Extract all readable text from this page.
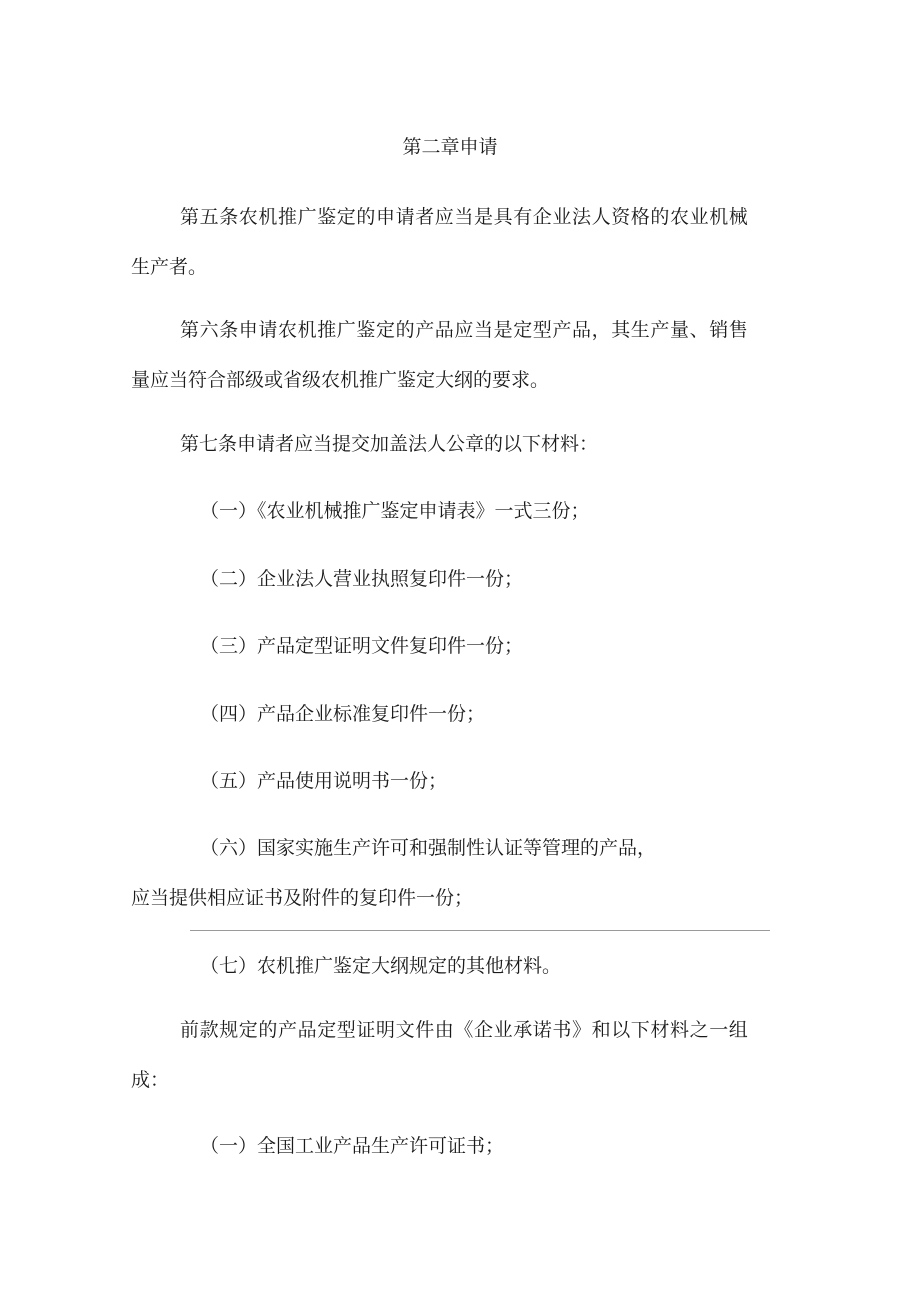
第二章申请
第五条农机推广鉴定的申请者应当是具有企业法人资格的农业机械
生产者。
第六条申请农机推广鉴定的产品应当是定型产品，其生产量、销售
量应当符合部级或省级农机推广鉴定大纲的要求。
第七条申请者应当提交加盖法人公章的以下材料：
（一）《农业机械推广鉴定申请表》一式三份；
（二）企业法人营业执照复印件一份；
（三）产品定型证明文件复印件一份；
（四）产品企业标准复印件一份；
（五）产品使用说明书一份；
（六）国家实施生产许可和强制性认证等管理的产品，
应当提供相应证书及附件的复印件一份；
（七）农机推广鉴定大纲规定的其他材料。
前款规定的产品定型证明文件由《企业承诺书》和以下材料之一组
成：
（一）全国工业产品生产许可证书；
